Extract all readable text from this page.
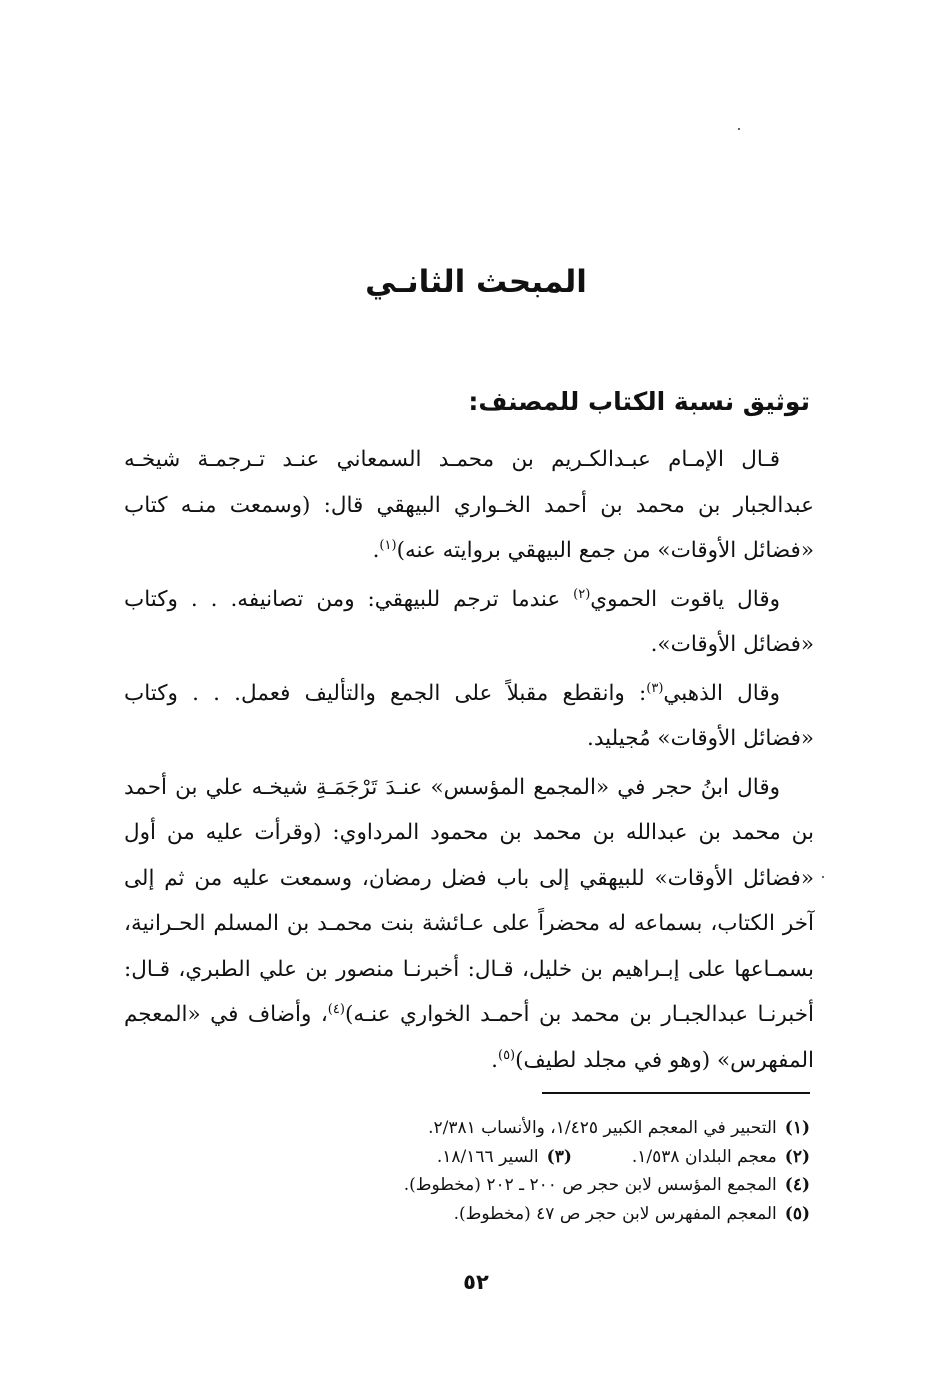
المبحث الثانـي
توثيق نسبة الكتاب للمصنف:

قـال الإمـام عبـدالكـريم بن محمـد السمعاني عنـد تـرجمـة شيخـه عبدالجبار بن محمد بن أحمد الخـواري البيهقي قال: (وسمعت منـه كتاب «فضائل الأوقات» من جمع البيهقي بروايته عنه)$^{(١)}$.

وقال ياقوت الحموي$^{(٢)}$ عندما ترجم للبيهقي: ومن تصانيفه. . . وكتاب «فضائل الأوقات».

وقال الذهبي$^{(٣)}$: وانقطع مقبلاً على الجمع والتأليف فعمل. . . وكتاب «فضائل الأوقات» مُجيليد.

وقال ابنُ حجر في «المجمع المؤسس» عنـدَ تَرْجَمَـةِ شيخـه علي بن أحمد بن محمد بن عبدالله بن محمد بن محمود المرداوي: (وقرأت عليه من أول «فضائل الأوقات» للبيهقي إلى باب فضل رمضان، وسمعت عليه من ثم إلى آخر الكتاب، بسماعه له محضراً على عـائشة بنت محمـد بن المسلم الحـرانية، بسمـاعها على إبـراهيم بن خليل، قـال: أخبرنـا منصور بن علي الطبري، قـال: أخبرنـا عبدالجبـار بن محمد بن أحمـد الخواري عنـه)$^{(٤)}$، وأضاف في «المعجم المفهرس» (وهو في مجلد لطيف)$^{(٥)}$.

(١)التحبير في المعجم الكبير ١/٤٢٥، والأنساب ٢/٣٨١.
(٢)معجم البلدان ١/٥٣٨.(٣)السير ١٨/١٦٦.
(٤)المجمع المؤسس لابن حجر ص ٢٠٠ ـ ٢٠٢ (مخطوط).
(٥)المعجم المفهرس لابن حجر ص ٤٧ (مخطوط).
٥٢
